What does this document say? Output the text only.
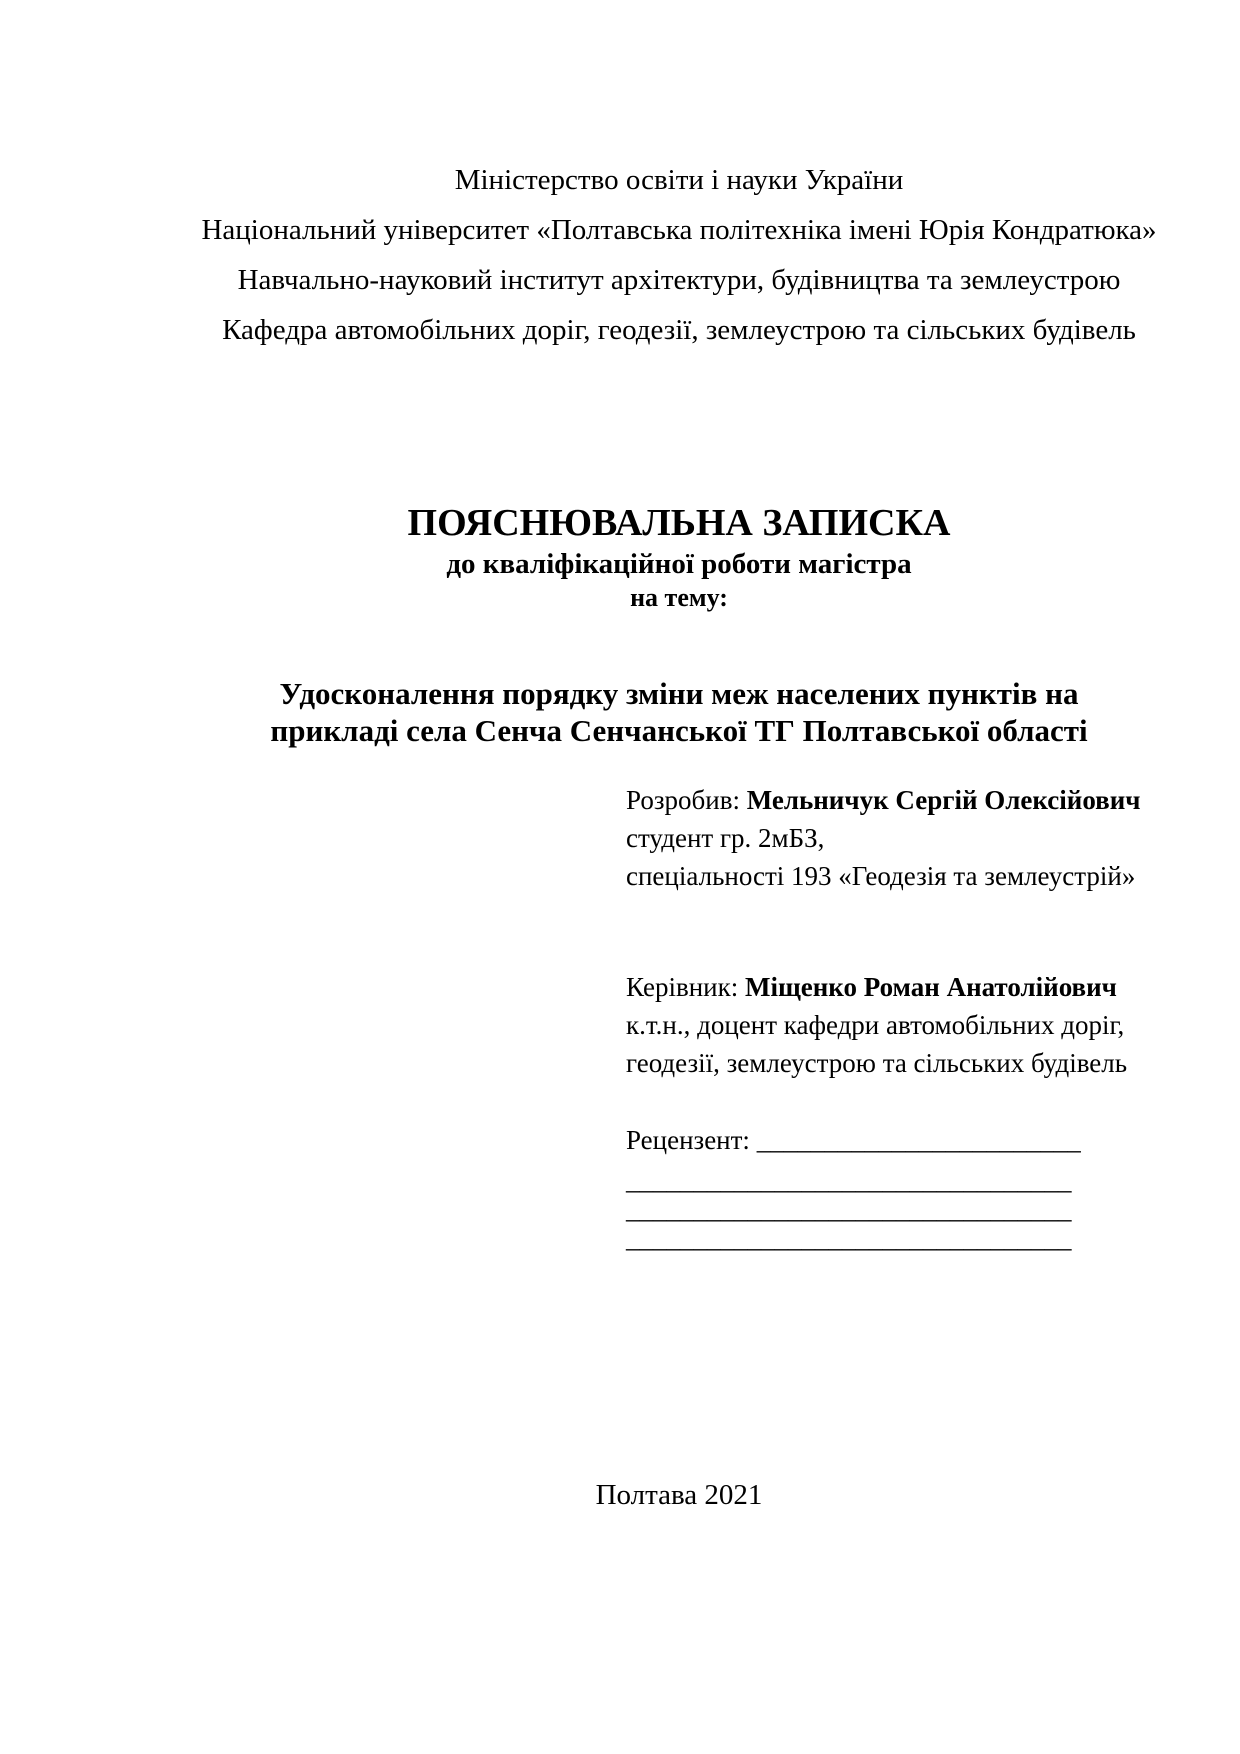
Міністерство освіти і науки України
Національний університет «Полтавська політехніка імені Юрія Кондратюка»
Навчально-науковий інститут архітектури, будівництва та землеустрою
Кафедра автомобільних доріг, геодезії, землеустрою та сільських будівель
ПОЯСНЮВАЛЬНА ЗАПИСКА
до кваліфікаційної роботи магістра
на тему:
Удосконалення порядку зміни меж населених пунктів на
прикладі села Сенча Сенчанської ТГ Полтавської області
Розробив: Мельничук Сергій Олексійович
студент гр. 2мБЗ,
спеціальності 193 «Геодезія та землеустрій»
Керівник: Міщенко Роман Анатолійович
к.т.н., доцент кафедри автомобільних доріг,
геодезії, землеустрою та сільських будівель
Рецензент: ________________________
_________________________________
_________________________________
_________________________________
Полтава 2021
